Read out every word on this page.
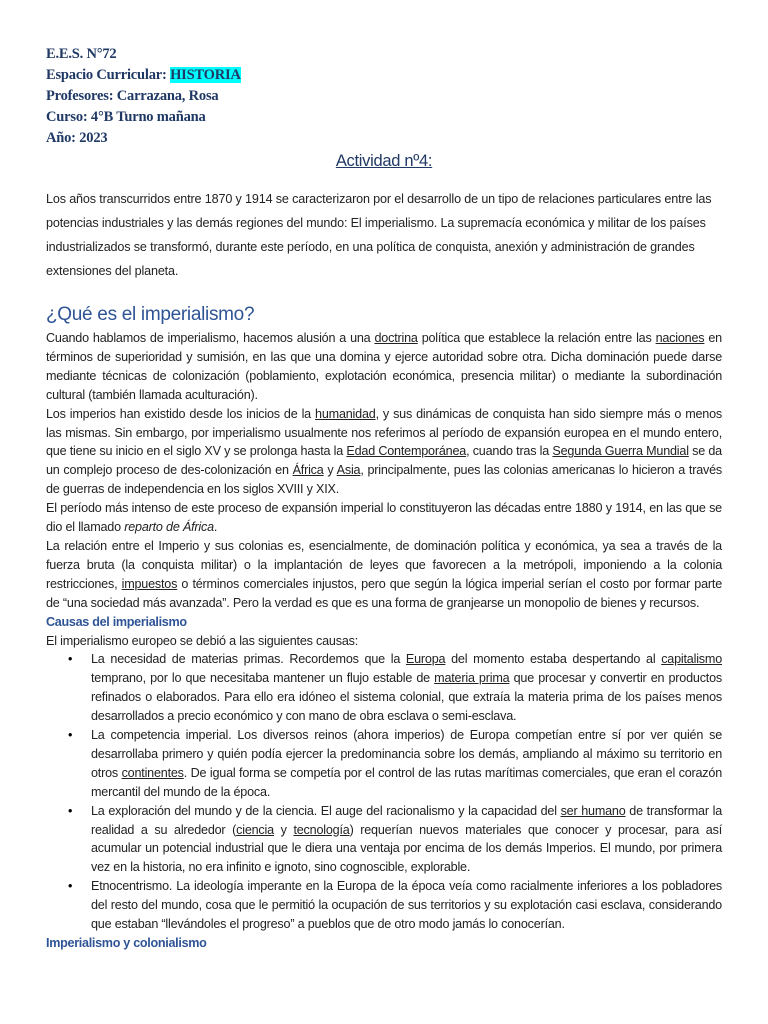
E.E.S. N°72
Espacio Curricular: HISTORIA
Profesores: Carrazana, Rosa
Curso: 4°B Turno mañana
Año: 2023
Actividad nº4:
Los años transcurridos entre 1870 y 1914 se caracterizaron por el desarrollo de un tipo de relaciones particulares entre las potencias industriales y las demás regiones del mundo: El imperialismo. La supremacía económica y militar de los países industrializados se transformó, durante este período, en una política de conquista, anexión y administración de grandes extensiones del planeta.
¿Qué es el imperialismo?

Cuando hablamos de imperialismo, hacemos alusión a una doctrina política que establece la relación entre las naciones en términos de superioridad y sumisión, en las que una domina y ejerce autoridad sobre otra. Dicha dominación puede darse mediante técnicas de colonización (poblamiento, explotación económica, presencia militar) o mediante la subordinación cultural (también llamada aculturación).

Los imperios han existido desde los inicios de la humanidad, y sus dinámicas de conquista han sido siempre más o menos las mismas. Sin embargo, por imperialismo usualmente nos referimos al período de expansión europea en el mundo entero, que tiene su inicio en el siglo XV y se prolonga hasta la Edad Contemporánea, cuando tras la Segunda Guerra Mundial se da un complejo proceso de des-colonización en África y Asia, principalmente, pues las colonias americanas lo hicieron a través de guerras de independencia en los siglos XVIII y XIX.

El período más intenso de este proceso de expansión imperial lo constituyeron las décadas entre 1880 y 1914, en las que se dio el llamado reparto de África.

La relación entre el Imperio y sus colonias es, esencialmente, de dominación política y económica, ya sea a través de la fuerza bruta (la conquista militar) o la implantación de leyes que favorecen a la metrópoli, imponiendo a la colonia restricciones, impuestos o términos comerciales injustos, pero que según la lógica imperial serían el costo por formar parte de “una sociedad más avanzada”. Pero la verdad es que es una forma de granjearse un monopolio de bienes y recursos.

Causas del imperialismo

El imperialismo europeo se debió a las siguientes causas:

• La necesidad de materias primas. Recordemos que la Europa del momento estaba despertando al capitalismo temprano, por lo que necesitaba mantener un flujo estable de materia prima que procesar y convertir en productos refinados o elaborados. Para ello era idóneo el sistema colonial, que extraía la materia prima de los países menos desarrollados a precio económico y con mano de obra esclava o semi-esclava.
• La competencia imperial. Los diversos reinos (ahora imperios) de Europa competían entre sí por ver quién se desarrollaba primero y quién podía ejercer la predominancia sobre los demás, ampliando al máximo su territorio en otros continentes. De igual forma se competía por el control de las rutas marítimas comerciales, que eran el corazón mercantil del mundo de la época.
• La exploración del mundo y de la ciencia. El auge del racionalismo y la capacidad del ser humano de transformar la realidad a su alrededor (ciencia y tecnología) requerían nuevos materiales que conocer y procesar, para así acumular un potencial industrial que le diera una ventaja por encima de los demás Imperios. El mundo, por primera vez en la historia, no era infinito e ignoto, sino cognoscible, explorable.
• Etnocentrismo. La ideología imperante en la Europa de la época veía como racialmente inferiores a los pobladores del resto del mundo, cosa que le permitió la ocupación de sus territorios y su explotación casi esclava, considerando que estaban “llevándoles el progreso” a pueblos que de otro modo jamás lo conocerían.
Imperialismo y colonialismo
